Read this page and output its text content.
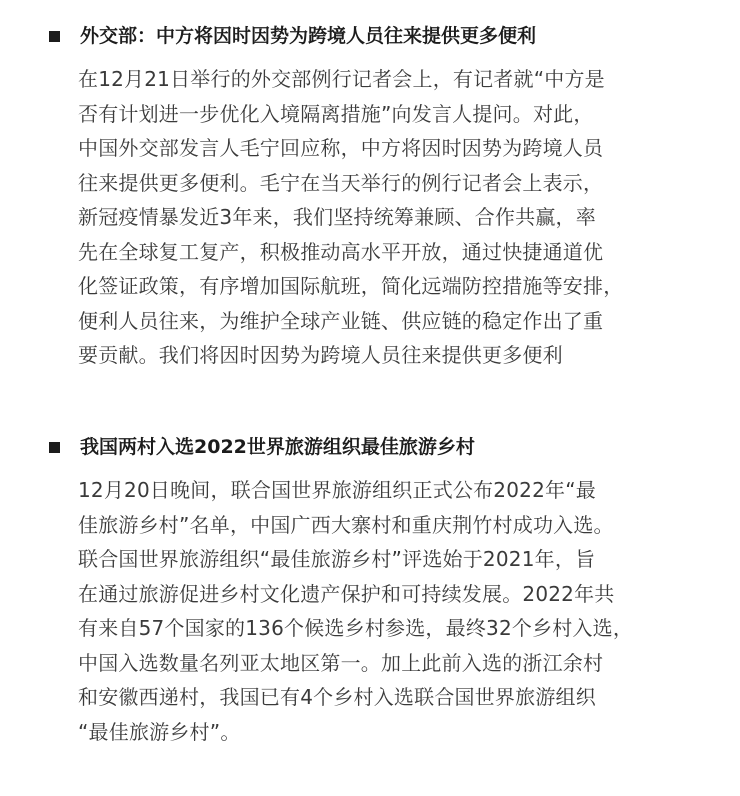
外交部：中方将因时因势为跨境人员往来提供更多便利
在12月21日举行的外交部例行记者会上，有记者就“中方是
否有计划进一步优化入境隔离措施”向发言人提问。对此，
中国外交部发言人毛宁回应称，中方将因时因势为跨境人员
往来提供更多便利。毛宁在当天举行的例行记者会上表示，
新冠疫情暴发近3年来，我们坚持统筹兼顾、合作共赢，率
先在全球复工复产，积极推动高水平开放，通过快捷通道优
化签证政策，有序增加国际航班，简化远端防控措施等安排，
便利人员往来，为维护全球产业链、供应链的稳定作出了重
要贡献。我们将因时因势为跨境人员往来提供更多便利
我国两村入选2022世界旅游组织最佳旅游乡村
12月20日晚间，联合国世界旅游组织正式公布2022年“最
佳旅游乡村”名单，中国广西大寨村和重庆荆竹村成功入选。
联合国世界旅游组织“最佳旅游乡村”评选始于2021年，旨
在通过旅游促进乡村文化遗产保护和可持续发展。2022年共
有来自57个国家的136个候选乡村参选，最终32个乡村入选，
中国入选数量名列亚太地区第一。加上此前入选的浙江余村
和安徽西递村，我国已有4个乡村入选联合国世界旅游组织
“最佳旅游乡村”。
